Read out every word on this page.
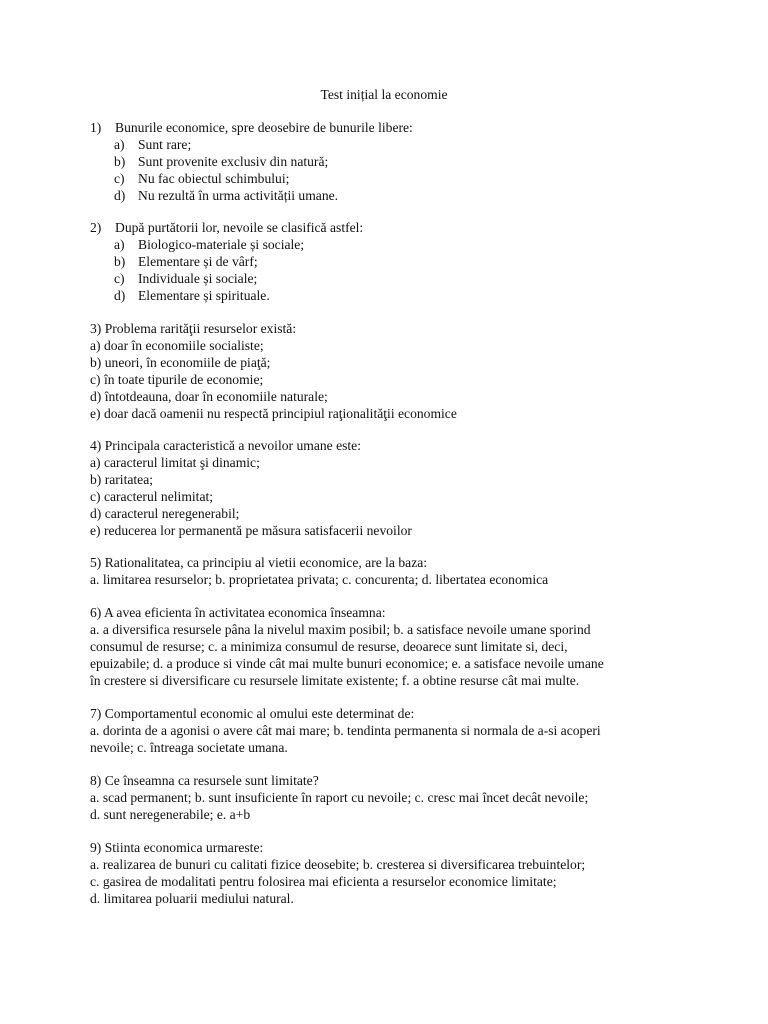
Test inițial la economie
1)	Bunurile economice, spre deosebire de bunurile libere:
a) Sunt rare;
b) Sunt provenite exclusiv din natură;
c) Nu fac obiectul schimbului;
d) Nu rezultă în urma activității umane.
2)	După purtătorii lor, nevoile se clasifică astfel:
a) Biologico-materiale și sociale;
b) Elementare și de vârf;
c) Individuale și sociale;
d) Elementare și spirituale.
3) Problema rarităţii resurselor există:
a) doar în economiile socialiste;
b) uneori, în economiile de piaţă;
c) în toate tipurile de economie;
d) întotdeauna, doar în economiile naturale;
e) doar dacă oamenii nu respectă principiul raţionalităţii economice
4) Principala caracteristică a nevoilor umane este:
a) caracterul limitat şi dinamic;
b) raritatea;
c) caracterul nelimitat;
d) caracterul neregenerabil;
e) reducerea lor permanentă pe măsura satisfacerii nevoilor
5) Rationalitatea, ca principiu al vietii economice, are la baza:
a. limitarea resurselor; b. proprietatea privata; c. concurenta; d. libertatea economica
6) A avea eficienta în activitatea economica înseamna:
a. a diversifica resursele pâna la nivelul maxim posibil; b. a satisface nevoile umane sporind
consumul de resurse; c. a minimiza consumul de resurse, deoarece sunt limitate si, deci,
epuizabile; d. a produce si vinde cât mai multe bunuri economice; e. a satisface nevoile umane
în crestere si diversificare cu resursele limitate existente; f. a obtine resurse cât mai multe.
7) Comportamentul economic al omului este determinat de:
a. dorinta de a agonisi o avere cât mai mare; b. tendinta permanenta si normala de a-si acoperi
nevoile; c. întreaga societate umana.
8) Ce înseamna ca resursele sunt limitate?
a. scad permanent; b. sunt insuficiente în raport cu nevoile; c. cresc mai încet decât nevoile;
d. sunt neregenerabile; e. a+b
9) Stiinta economica urmareste:
a. realizarea de bunuri cu calitati fizice deosebite; b. cresterea si diversificarea trebuintelor;
c. gasirea de modalitati pentru folosirea mai eficienta a resurselor economice limitate;
d. limitarea poluarii mediului natural.
